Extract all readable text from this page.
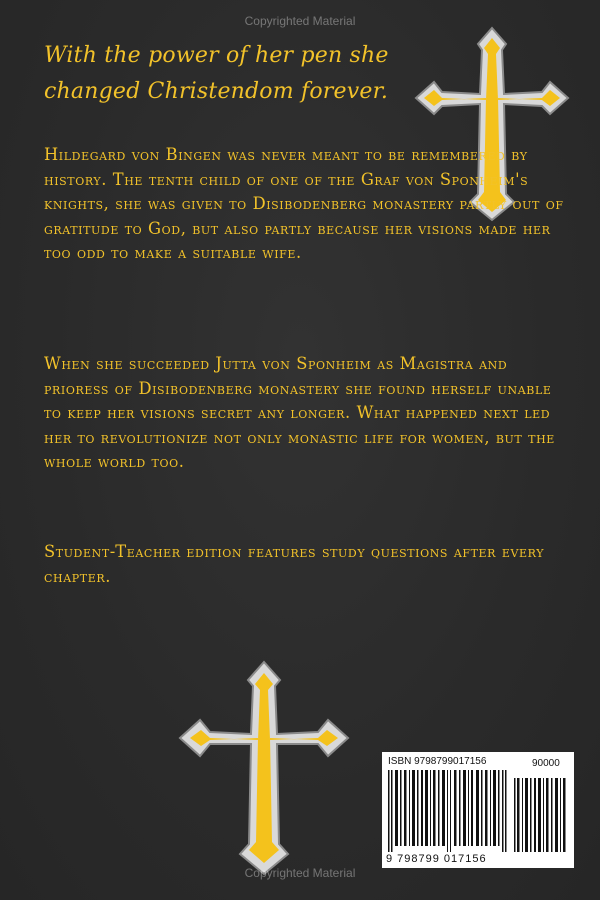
Copyrighted Material
With the power of her pen she
changed Christendom forever.

Hildegard von Bingen was never meant to be remembered by history. The tenth child of one of the Graf von Sponheim's knights, she was given to Disibodenberg monastery partly out of gratitude to God, but also partly because her visions made her too odd to make a suitable wife.

When she succeeded Jutta von Sponheim as Magistra and prioress of Disibodenberg monastery she found herself unable to keep her visions secret any longer. What happened next led her to revolutionize not only monastic life for women, but the whole world too.

Student-Teacher edition features study questions after every chapter.

ISBN 9798799017156	90000
9 798799 017156
Copyrighted Material
